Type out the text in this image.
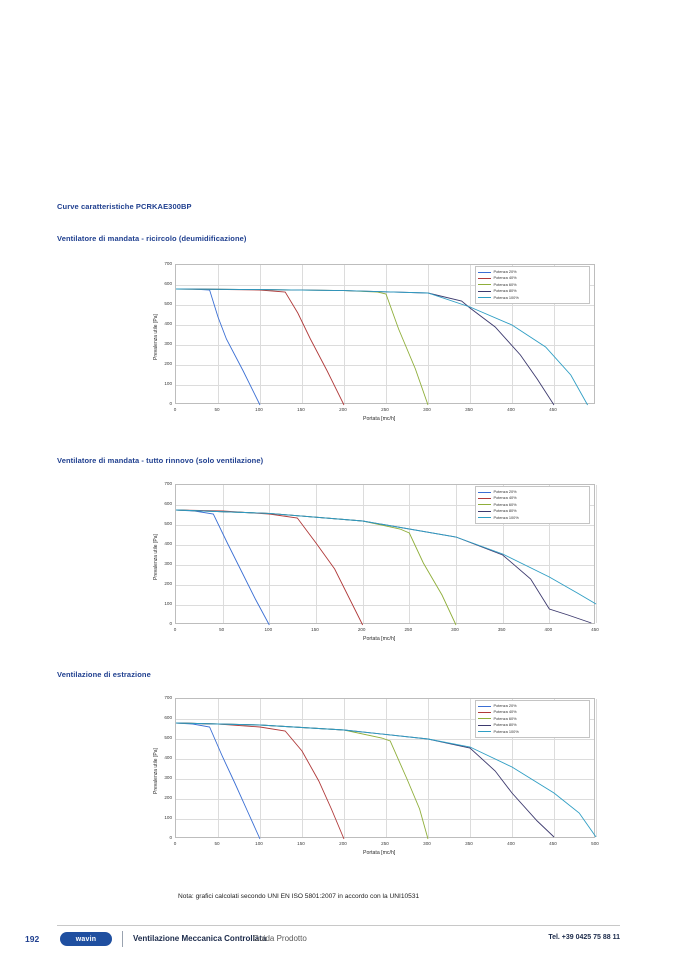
Curve caratteristiche PCRKAE300BP
Ventilatore di mandata - ricircolo (deumidificazione)
Ventilatore di mandata - tutto rinnovo (solo ventilazione)
Ventilazione di estrazione
0
100
200
300
400
500
600
700
0	50	100	150	200	250	300	350	400	450
Prevalenza utile [Pa]
Portata [mc/h]
Potenza 20%
Potenza 40%
Potenza 60%
Potenza 80%
Potenza 100%
0
100
200
300
400
500
600
700
0	50	100	150	200	250	300	350	400	450
Prevalenza utile [Pa]
Portata [mc/h]
Potenza 20%
Potenza 40%
Potenza 60%
Potenza 80%
Potenza 100%
0
100
200
300
400
500
600
700
0	50	100	150	200	250	300	350	400	450	500
Prevalenza utile [Pa]
Portata [mc/h]
Potenza 20%
Potenza 40%
Potenza 60%
Potenza 80%
Potenza 100%
Nota: grafici calcolati secondo UNI EN ISO 5801:2007 in accordo con la UNI10531
192	wavin	Ventilazione Meccanica Controllata
Guida Prodotto	Tel. +39 0425 75 88 11
